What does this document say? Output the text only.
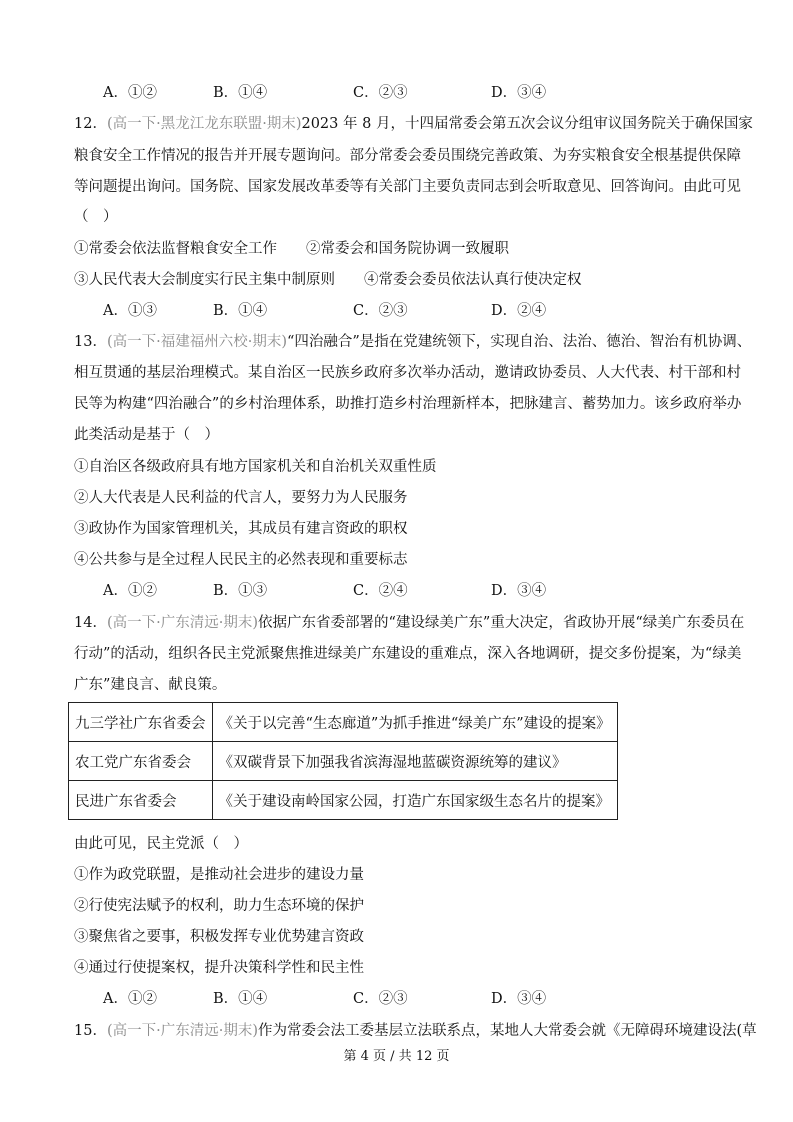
A．①②	B．①④	C．②③	D．③④
12．(高一下·黑龙江龙东联盟·期末)2023 年 8 月，十四届常委会第五次会议分组审议国务院关于确保国家
粮食安全工作情况的报告并开展专题询问。部分常委会委员围绕完善政策、为夯实粮食安全根基提供保障
等问题提出询问。国务院、国家发展改革委等有关部门主要负责同志到会听取意见、回答询问。由此可见
（　）
①常委会依法监督粮食安全工作　　②常委会和国务院协调一致履职
③人民代表大会制度实行民主集中制原则　　④常委会委员依法认真行使决定权
A．①③	B．①④	C．②③	D．②④
13．(高一下·福建福州六校·期末)“四治融合”是指在党建统领下，实现自治、法治、德治、智治有机协调、
相互贯通的基层治理模式。某自治区一民族乡政府多次举办活动，邀请政协委员、人大代表、村干部和村
民等为构建“四治融合”的乡村治理体系，助推打造乡村治理新样本，把脉建言、蓄势加力。该乡政府举办
此类活动是基于（　）
①自治区各级政府具有地方国家机关和自治机关双重性质
②人大代表是人民利益的代言人，要努力为人民服务
③政协作为国家管理机关，其成员有建言资政的职权
④公共参与是全过程人民民主的必然表现和重要标志
A．①②	B．①③	C．②④	D．③④
14．(高一下·广东清远·期末)依据广东省委部署的“建设绿美广东”重大决定，省政协开展“绿美广东委员在
行动”的活动，组织各民主党派聚焦推进绿美广东建设的重难点，深入各地调研，提交多份提案，为“绿美
广东”建良言、献良策。
九三学社广东省委会	《关于以完善“生态廊道”为抓手推进“绿美广东”建设的提案》
农工党广东省委会	《双碳背景下加强我省滨海湿地蓝碳资源统筹的建议》
民进广东省委会	《关于建设南岭国家公园，打造广东国家级生态名片的提案》
由此可见，民主党派（　）
①作为政党联盟，是推动社会进步的建设力量
②行使宪法赋予的权利，助力生态环境的保护
③聚焦省之要事，积极发挥专业优势建言资政
④通过行使提案权，提升决策科学性和民主性
A．①②	B．①④	C．②③	D．③④
15．(高一下·广东清远·期末)作为常委会法工委基层立法联系点，某地人大常委会就《无障碍环境建设法(草
第 4 页 / 共 12 页
